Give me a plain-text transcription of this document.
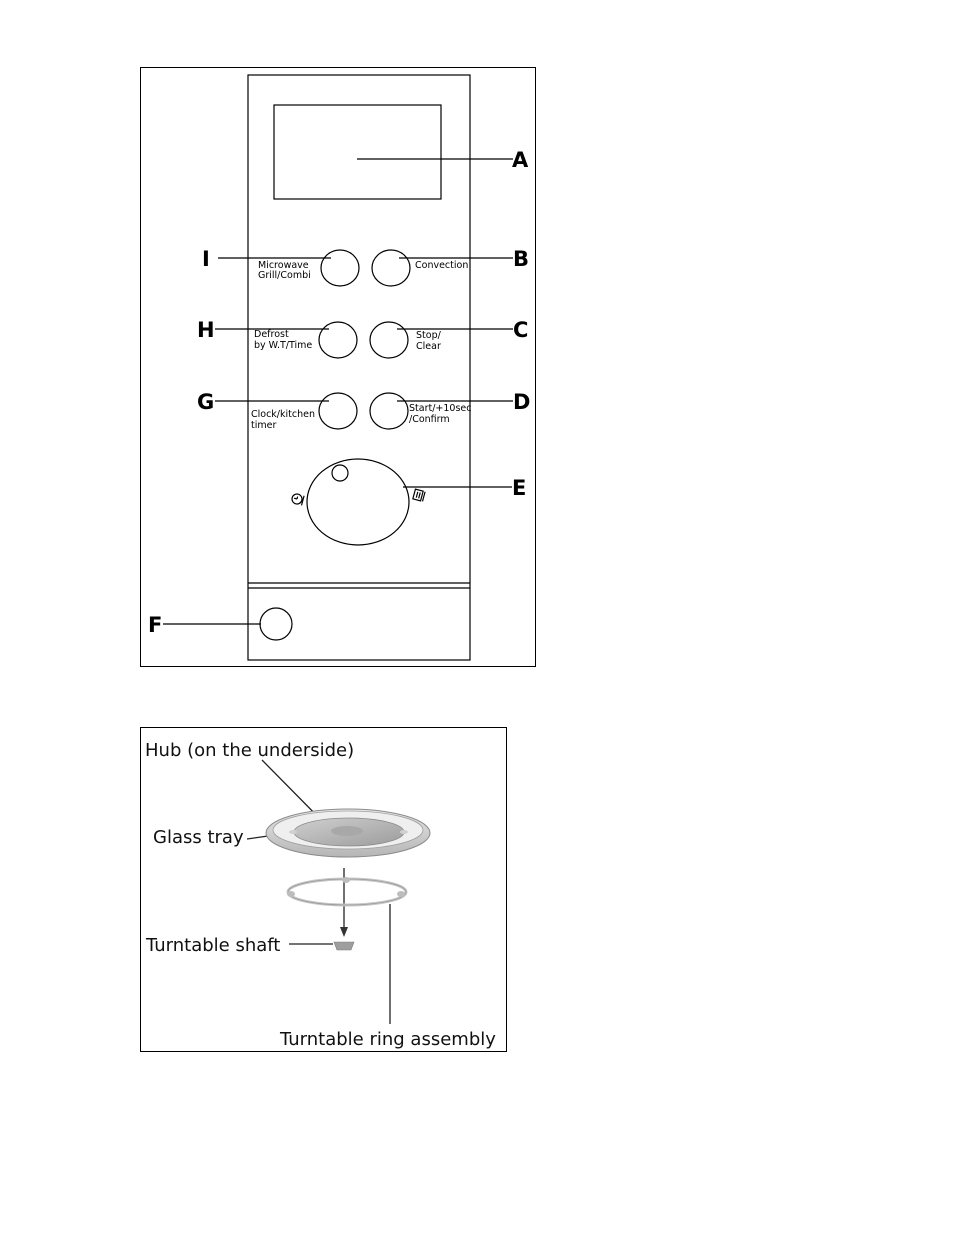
A
I	B
Microwave
Grill/Combi
Convection
H	C
Defrost
by W.T/Time
Stop/
Clear
G	D
Clock/kitchen
timer
Start/+10sec
/Confirm
E
F
Hub (on the underside)
Glass tray
Turntable shaft
Turntable ring assembly
